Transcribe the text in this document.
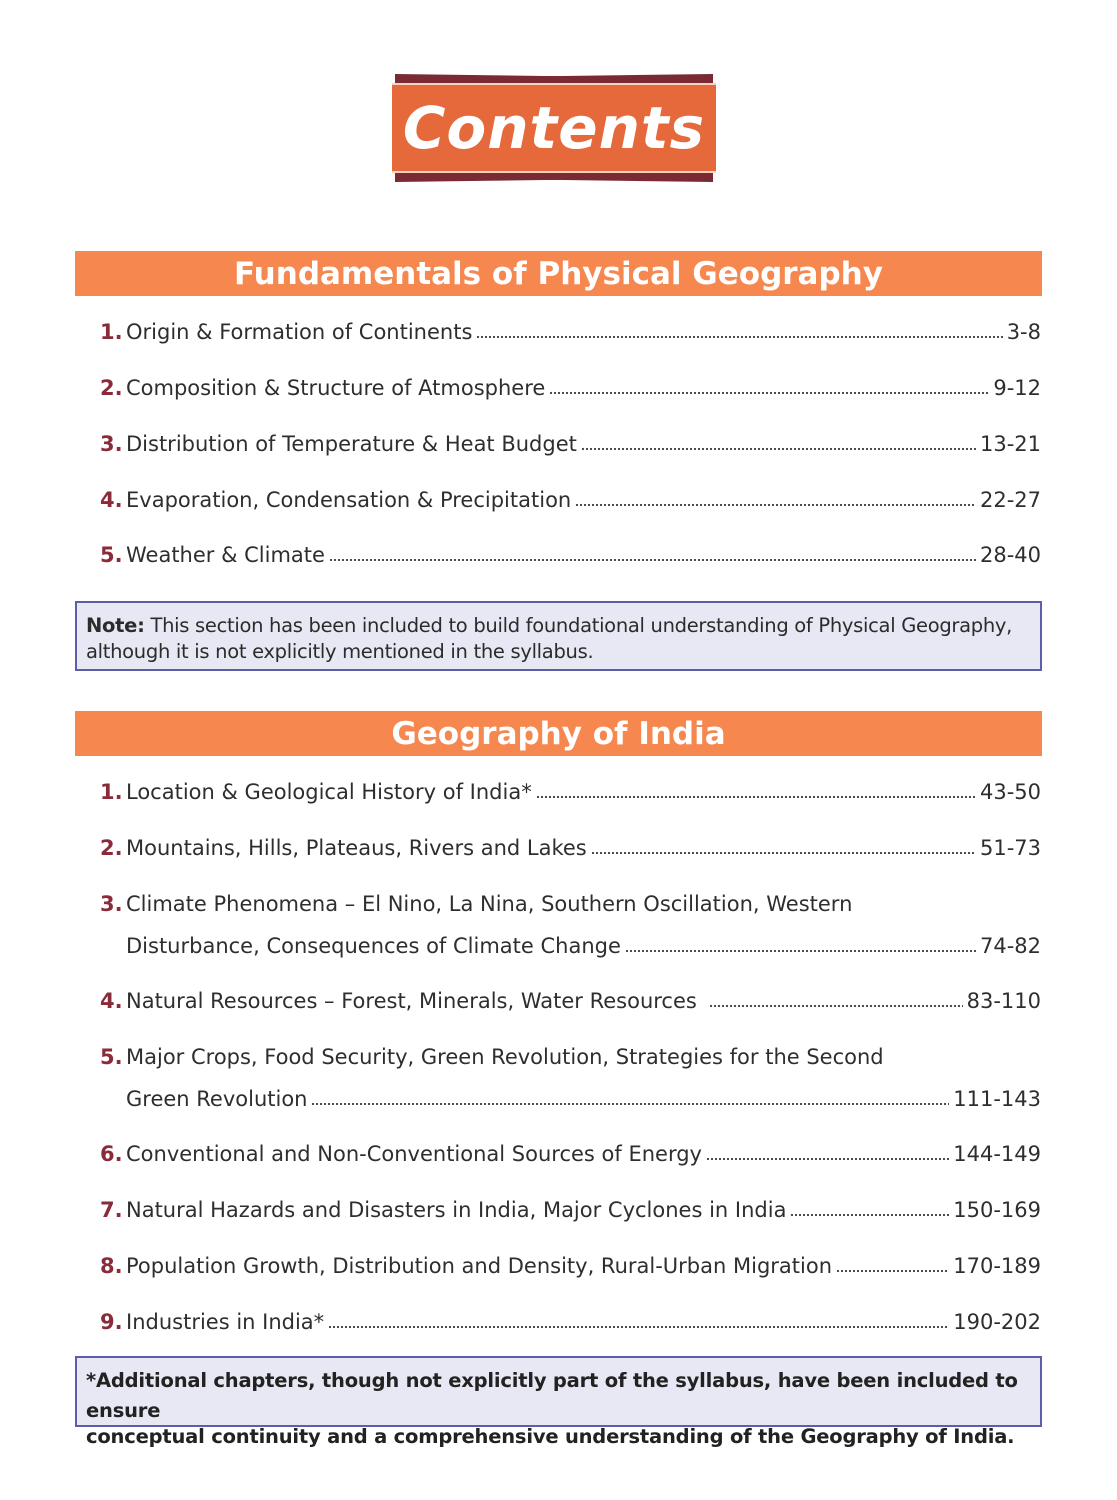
Contents
Fundamentals of Physical Geography
1. Origin & Formation of Continents	3-8
2. Composition & Structure of Atmosphere	9-12
3. Distribution of Temperature & Heat Budget	13-21
4. Evaporation, Condensation & Precipitation	22-27
5. Weather & Climate	28-40
Note: This section has been included to build foundational understanding of Physical Geography,
although it is not explicitly mentioned in the syllabus.
Geography of India
1. Location & Geological History of India*	43-50
2. Mountains, Hills, Plateaus, Rivers and Lakes	51-73
3. Climate Phenomena – El Nino, La Nina, Southern Oscillation, Western
Disturbance, Consequences of Climate Change	74-82
4. Natural Resources – Forest, Minerals, Water Resources	83-110
5. Major Crops, Food Security, Green Revolution, Strategies for the Second
Green Revolution	111-143
6. Conventional and Non-Conventional Sources of Energy	144-149
7. Natural Hazards and Disasters in India, Major Cyclones in India	150-169
8. Population Growth, Distribution and Density, Rural-Urban Migration	170-189
9. Industries in India*	190-202
*Additional chapters, though not explicitly part of the syllabus, have been included to ensure
conceptual continuity and a comprehensive understanding of the Geography of India.
